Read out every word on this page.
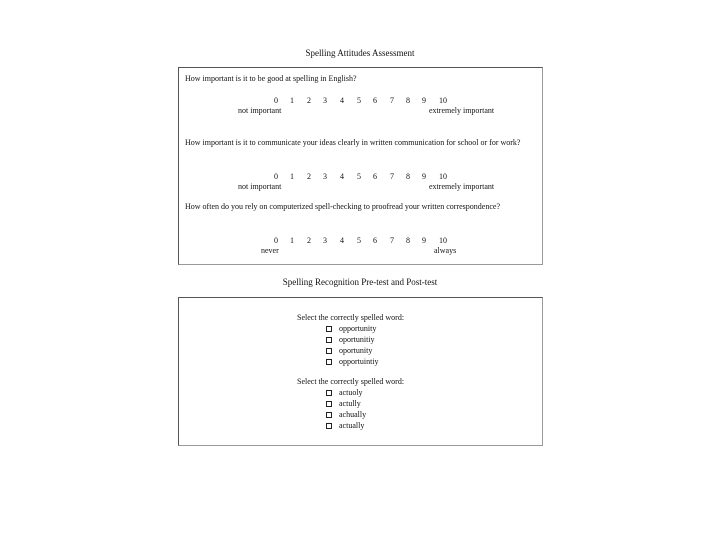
Spelling Attitudes Assessment

How important is it to be good at spelling in English?

0	1	2	3	4	5	6	7	8	9	10
not important	extremely important

How important is it to communicate your ideas clearly in written communication for school or for work?

0	1	2	3	4	5	6	7	8	9	10
not important	extremely important

How often do you rely on computerized spell-checking to proofread your written correspondence?

0	1	2	3	4	5	6	7	8	9	10
never	always
Spelling Recognition Pre-test and Post-test
Select the correctly spelled word:
opportunity
oportunitiy
oportunity
opportuintiy
Select the correctly spelled word:
actuoly
actully
achually
actually
